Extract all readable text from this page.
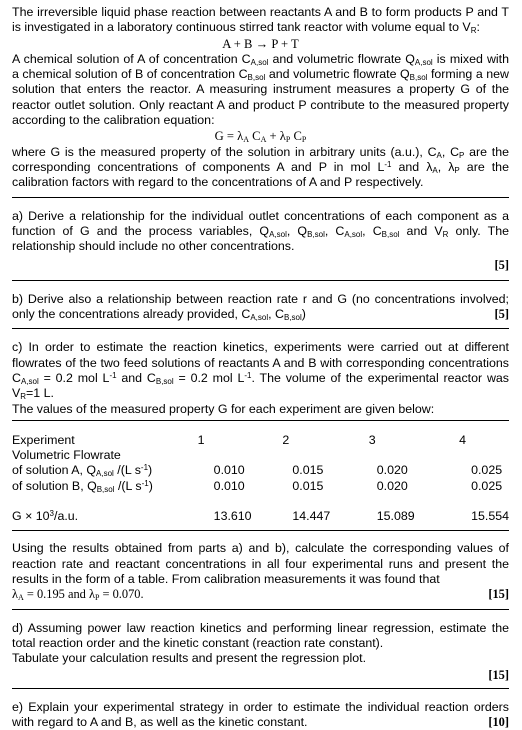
The irreversible liquid phase reaction between reactants A and B to form products P and T is investigated in a laboratory continuous stirred tank reactor with volume equal to $V_R$:

A + B → P + T

A chemical solution of A of concentration $C_{A,sol}$ and volumetric flowrate $Q_{A,sol}$ is mixed with a chemical solution of B of concentration $C_{B,sol}$ and volumetric flowrate $Q_{B,sol}$ forming a new solution that enters the reactor. A measuring instrument measures a property G of the reactor outlet solution. Only reactant A and product P contribute to the measured property according to the calibration equation:

$G = \lambda_A$ $C_A + \lambda_P$ $C_P$

where G is the measured property of the solution in arbitrary units (a.u.), $C_A$, $C_P$ are the corresponding concentrations of components A and P in mol $L^{-1}$ and $\lambda_A$, $\lambda_P$ are the calibration factors with regard to the concentrations of A and P respectively.

a) Derive a relationship for the individual outlet concentrations of each component as a function of G and the process variables, $Q_{A,sol}$, $Q_{B,sol}$, $C_{A,sol}$, $C_{B,sol}$ and $V_R$ only. The relationship should include no other concentrations.

[5]

b) Derive also a relationship between reaction rate r and G (no concentrations involved; only the concentrations already provided, $C_{A,sol}$, $C_{B,sol}$)	[5]

c) In order to estimate the reaction kinetics, experiments were carried out at different flowrates of the two feed solutions of reactants A and B with corresponding concentrations $C_{A,sol} = 0.2$ mol $L^{-1}$ and $C_{B,sol} = 0.2$ mol $L^{-1}$. The volume of the experimental reactor was $V_R=1$ L.

The values of the measured property G for each experiment are given below:

Experiment	1	2	3	4
Volumetric Flowrate				
of solution A, $Q_{A,sol}$ /(L $s^{-1}$)	0.010	0.015	0.020	0.025
of solution B, $Q_{B,sol}$ /(L $s^{-1}$)	0.010	0.015	0.020	0.025
$G \times 10^3/a.u$.	13.610	14.447	15.089	15.554

Using the results obtained from parts a) and b), calculate the corresponding values of reaction rate and reactant concentrations in all four experimental runs and present the results in the form of a table. From calibration measurements it was found that

$\lambda_A = 0.195$ and $\lambda_P = 0.070$.	[15]

d) Assuming power law reaction kinetics and performing linear regression, estimate the total reaction order and the kinetic constant (reaction rate constant).

Tabulate your calculation results and present the regression plot.

[15]

e) Explain your experimental strategy in order to estimate the individual reaction orders with regard to A and B, as well as the kinetic constant.	[10]
